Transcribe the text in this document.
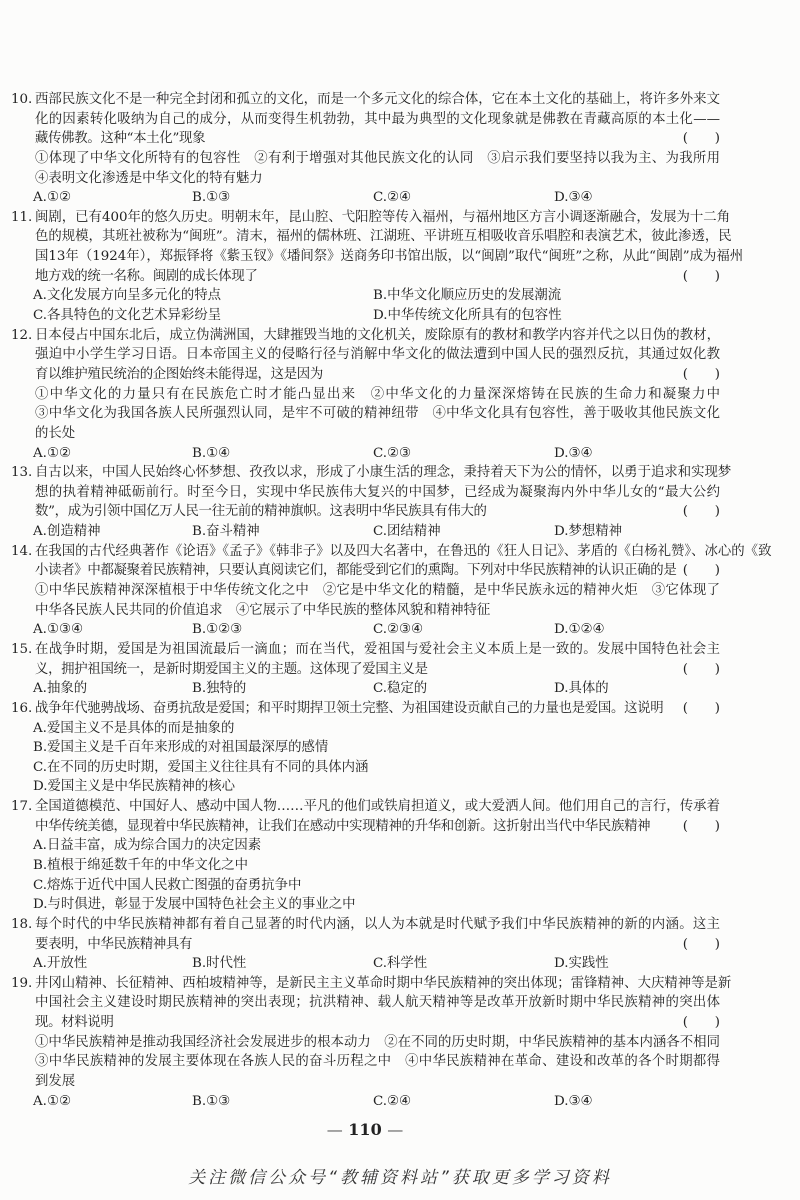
10. 西部民族文化不是一种完全封闭和孤立的文化，而是一个多元文化的综合体，它在本土文化的基础上，将许多外来文
化的因素转化吸纳为自己的成分，从而变得生机勃勃，其中最为典型的文化现象就是佛教在青藏高原的本土化——
藏传佛教。这种“本土化”现象	(　　)
①体现了中华文化所特有的包容性　②有利于增强对其他民族文化的认同　③启示我们要坚持以我为主、为我所用
④表明文化渗透是中华文化的特有魅力
A.①②	B.①③	C.②④	D.③④
11. 闽剧，已有400年的悠久历史。明朝末年，昆山腔、弋阳腔等传入福州，与福州地区方言小调逐渐融合，发展为十二角
色的规模，其班社被称为“闽班”。清末，福州的儒林班、江湖班、平讲班互相吸收音乐唱腔和表演艺术，彼此渗透，民
国13年（1924年），郑振铎将《紫玉钗》《墦间祭》送商务印书馆出版，以“闽剧”取代“闽班”之称，从此“闽剧”成为福州
地方戏的统一名称。闽剧的成长体现了	(　　)
A.文化发展方向呈多元化的特点	B.中华文化顺应历史的发展潮流
C.各具特色的文化艺术异彩纷呈	D.中华传统文化所具有的包容性
12. 日本侵占中国东北后，成立伪满洲国，大肆摧毁当地的文化机关，废除原有的教材和教学内容并代之以日伪的教材，
强迫中小学生学习日语。日本帝国主义的侵略行径与消解中华文化的做法遭到中国人民的强烈反抗，其通过奴化教
育以维护殖民统治的企图始终未能得逞，这是因为	(　　)
①中华文化的力量只有在民族危亡时才能凸显出来　②中华文化的力量深深熔铸在民族的生命力和凝聚力中
③中华文化为我国各族人民所强烈认同，是牢不可破的精神纽带　④中华文化具有包容性，善于吸收其他民族文化
的长处
A.①②	B.①④	C.②③	D.③④
13. 自古以来，中国人民始终心怀梦想、孜孜以求，形成了小康生活的理念，秉持着天下为公的情怀，以勇于追求和实现梦
想的执着精神砥砺前行。时至今日，实现中华民族伟大复兴的中国梦，已经成为凝聚海内外中华儿女的“最大公约
数”，成为引领中国亿万人民一往无前的精神旗帜。这表明中华民族具有伟大的	(　　)
A.创造精神	B.奋斗精神	C.团结精神	D.梦想精神
14. 在我国的古代经典著作《论语》《孟子》《韩非子》以及四大名著中，在鲁迅的《狂人日记》、茅盾的《白杨礼赞》、冰心的《致
小读者》中都凝聚着民族精神，只要认真阅读它们，都能受到它们的熏陶。下列对中华民族精神的认识正确的是 (　　)
①中华民族精神深深植根于中华传统文化之中　②它是中华文化的精髓，是中华民族永远的精神火炬　③它体现了
中华各民族人民共同的价值追求　④它展示了中华民族的整体风貌和精神特征
A.①③④	B.①②③	C.②③④	D.①②④
15. 在战争时期，爱国是为祖国流最后一滴血；而在当代，爱祖国与爱社会主义本质上是一致的。发展中国特色社会主
义，拥护祖国统一，是新时期爱国主义的主题。这体现了爱国主义是	(　　)
A.抽象的	B.独特的	C.稳定的	D.具体的
16. 战争年代驰骋战场、奋勇抗敌是爱国；和平时期捍卫领土完整、为祖国建设贡献自己的力量也是爱国。这说明	(　　)
A.爱国主义不是具体的而是抽象的
B.爱国主义是千百年来形成的对祖国最深厚的感情
C.在不同的历史时期，爱国主义往往具有不同的具体内涵
D.爱国主义是中华民族精神的核心
17. 全国道德模范、中国好人、感动中国人物……平凡的他们或铁肩担道义，或大爱洒人间。他们用自己的言行，传承着
中华传统美德，显现着中华民族精神，让我们在感动中实现精神的升华和创新。这折射出当代中华民族精神	(　　)
A.日益丰富，成为综合国力的决定因素
B.植根于绵延数千年的中华文化之中
C.熔炼于近代中国人民救亡图强的奋勇抗争中
D.与时俱进，彰显于发展中国特色社会主义的事业之中
18. 每个时代的中华民族精神都有着自己显著的时代内涵，以人为本就是时代赋予我们中华民族精神的新的内涵。这主
要表明，中华民族精神具有	(　　)
A.开放性	B.时代性	C.科学性	D.实践性
19. 井冈山精神、长征精神、西柏坡精神等，是新民主主义革命时期中华民族精神的突出体现；雷锋精神、大庆精神等是新
中国社会主义建设时期民族精神的突出表现；抗洪精神、载人航天精神等是改革开放新时期中华民族精神的突出体
现。材料说明	(　　)
①中华民族精神是推动我国经济社会发展进步的根本动力　②在不同的历史时期，中华民族精神的基本内涵各不相同
③中华民族精神的发展主要体现在各族人民的奋斗历程之中　④中华民族精神在革命、建设和改革的各个时期都得
到发展
A.①②	B.①③	C.②④	D.③④
— 110 —
关注微信公众号“教辅资料站”获取更多学习资料
